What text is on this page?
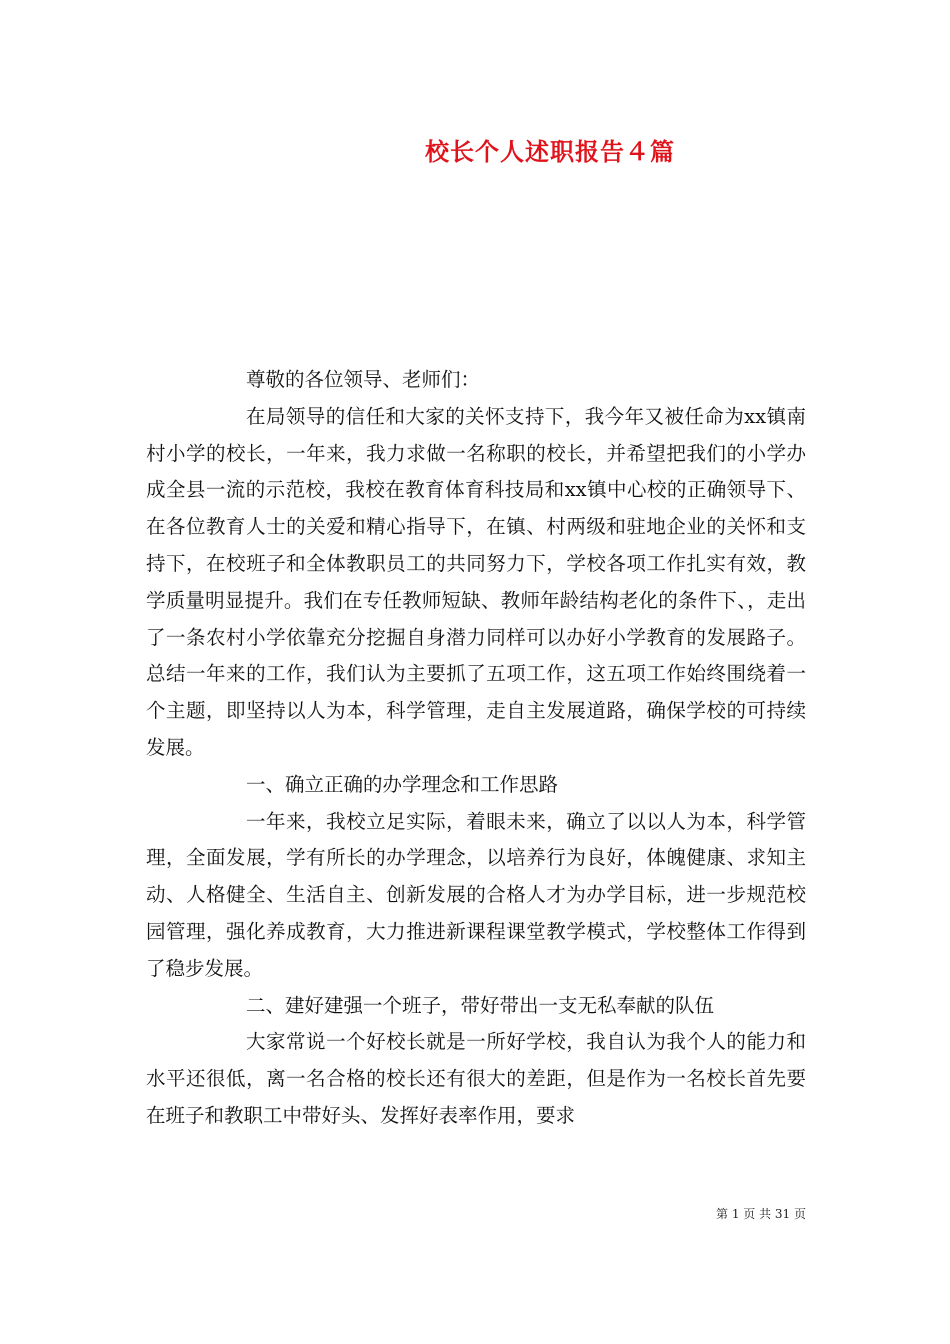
校长个人述职报告４篇

尊敬的各位领导、老师们：

在局领导的信任和大家的关怀支持下，我今年又被任命为xx镇南村小学的校长，一年来，我力求做一名称职的校长，并希望把我们的小学办成全县一流的示范校，我校在教育体育科技局和xx镇中心校的正确领导下、在各位教育人士的关爱和精心指导下，在镇、村两级和驻地企业的关怀和支持下，在校班子和全体教职员工的共同努力下，学校各项工作扎实有效，教学质量明显提升。我们在专任教师短缺、教师年龄结构老化的条件下、，走出了一条农村小学依靠充分挖掘自身潜力同样可以办好小学教育的发展路子。总结一年来的工作，我们认为主要抓了五项工作，这五项工作始终围绕着一个主题，即坚持以人为本，科学管理，走自主发展道路，确保学校的可持续发展。

一、确立正确的办学理念和工作思路

一年来，我校立足实际，着眼未来，确立了以以人为本，科学管理，全面发展，学有所长的办学理念，以培养行为良好，体魄健康、求知主动、人格健全、生活自主、创新发展的合格人才为办学目标，进一步规范校园管理，强化养成教育，大力推进新课程课堂教学模式，学校整体工作得到了稳步发展。

二、建好建强一个班子，带好带出一支无私奉献的队伍

大家常说一个好校长就是一所好学校，我自认为我个人的能力和水平还很低，离一名合格的校长还有很大的差距，但是作为一名校长首先要在班子和教职工中带好头、发挥好表率作用，要求

第 1 页 共 31 页
